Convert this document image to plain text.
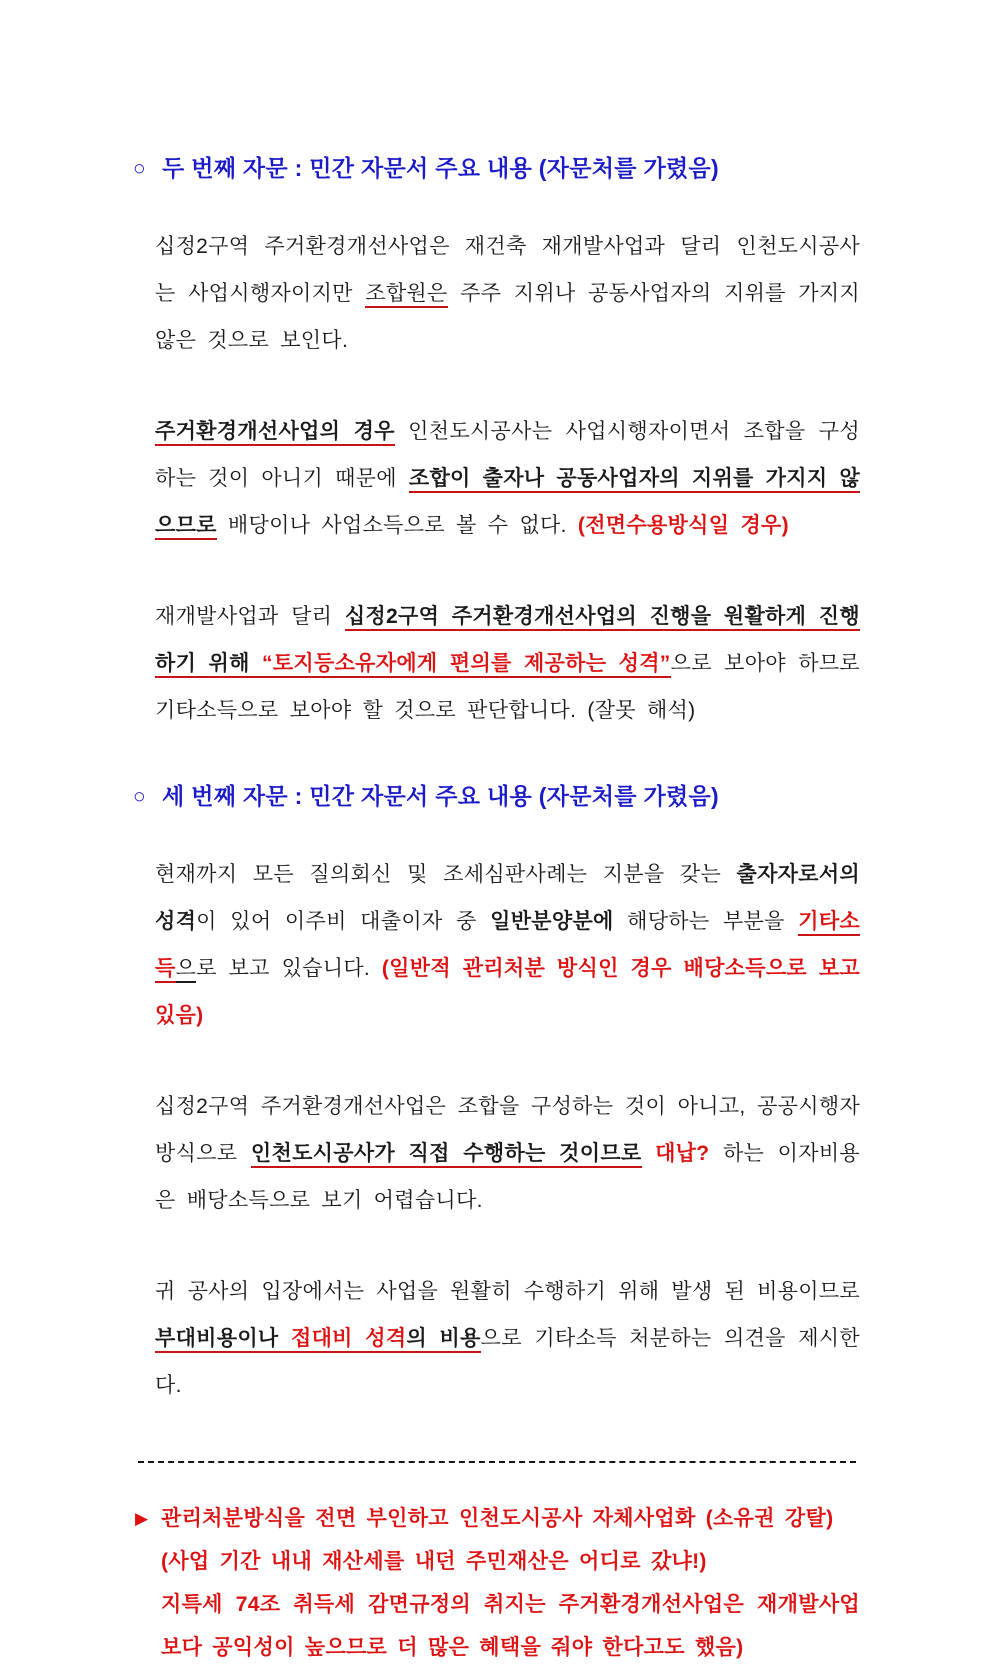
○ 두 번째 자문 : 민간 자문서 주요 내용 (자문처를 가렸음)
십정2구역 주거환경개선사업은 재건축 재개발사업과 달리 인천도시공사는 사업시행자이지만 조합원은 주주 지위나 공동사업자의 지위를 가지지 않은 것으로 보인다.
주거환경개선사업의 경우 인천도시공사는 사업시행자이면서 조합을 구성하는 것이 아니기 때문에 조합이 출자나 공동사업자의 지위를 가지지 않으므로 배당이나 사업소득으로 볼 수 없다. (전면수용방식일 경우)
재개발사업과 달리 십정2구역 주거환경개선사업의 진행을 원활하게 진행하기 위해 “토지등소유자에게 편의를 제공하는 성격”으로 보아야 하므로 기타소득으로 보아야 할 것으로 판단합니다. (잘못 해석)
○ 세 번째 자문 : 민간 자문서 주요 내용 (자문처를 가렸음)
현재까지 모든 질의회신 및 조세심판사례는 지분을 갖는 출자자로서의 성격이 있어 이주비 대출이자 중 일반분양분에 해당하는 부분을 기타소득으로 보고 있습니다. (일반적 관리처분 방식인 경우 배당소득으로 보고 있음)
십정2구역 주거환경개선사업은 조합을 구성하는 것이 아니고, 공공시행자 방식으로 인천도시공사가 직접 수행하는 것이므로 대납? 하는 이자비용은 배당소득으로 보기 어렵습니다.
귀 공사의 입장에서는 사업을 원활히 수행하기 위해 발생 된 비용이므로 부대비용이나 접대비 성격의 비용으로 기타소득 처분하는 의견을 제시한다.
▶ 관리처분방식을 전면 부인하고 인천도시공사 자체사업화 (소유권 강탈)
(사업 기간 내내 재산세를 내던 주민재산은 어디로 갔냐!)
지특세 74조 취득세 감면규정의 취지는 주거환경개선사업은 재개발사업보다 공익성이 높으므로 더 많은 혜택을 줘야 한다고도 했음)
